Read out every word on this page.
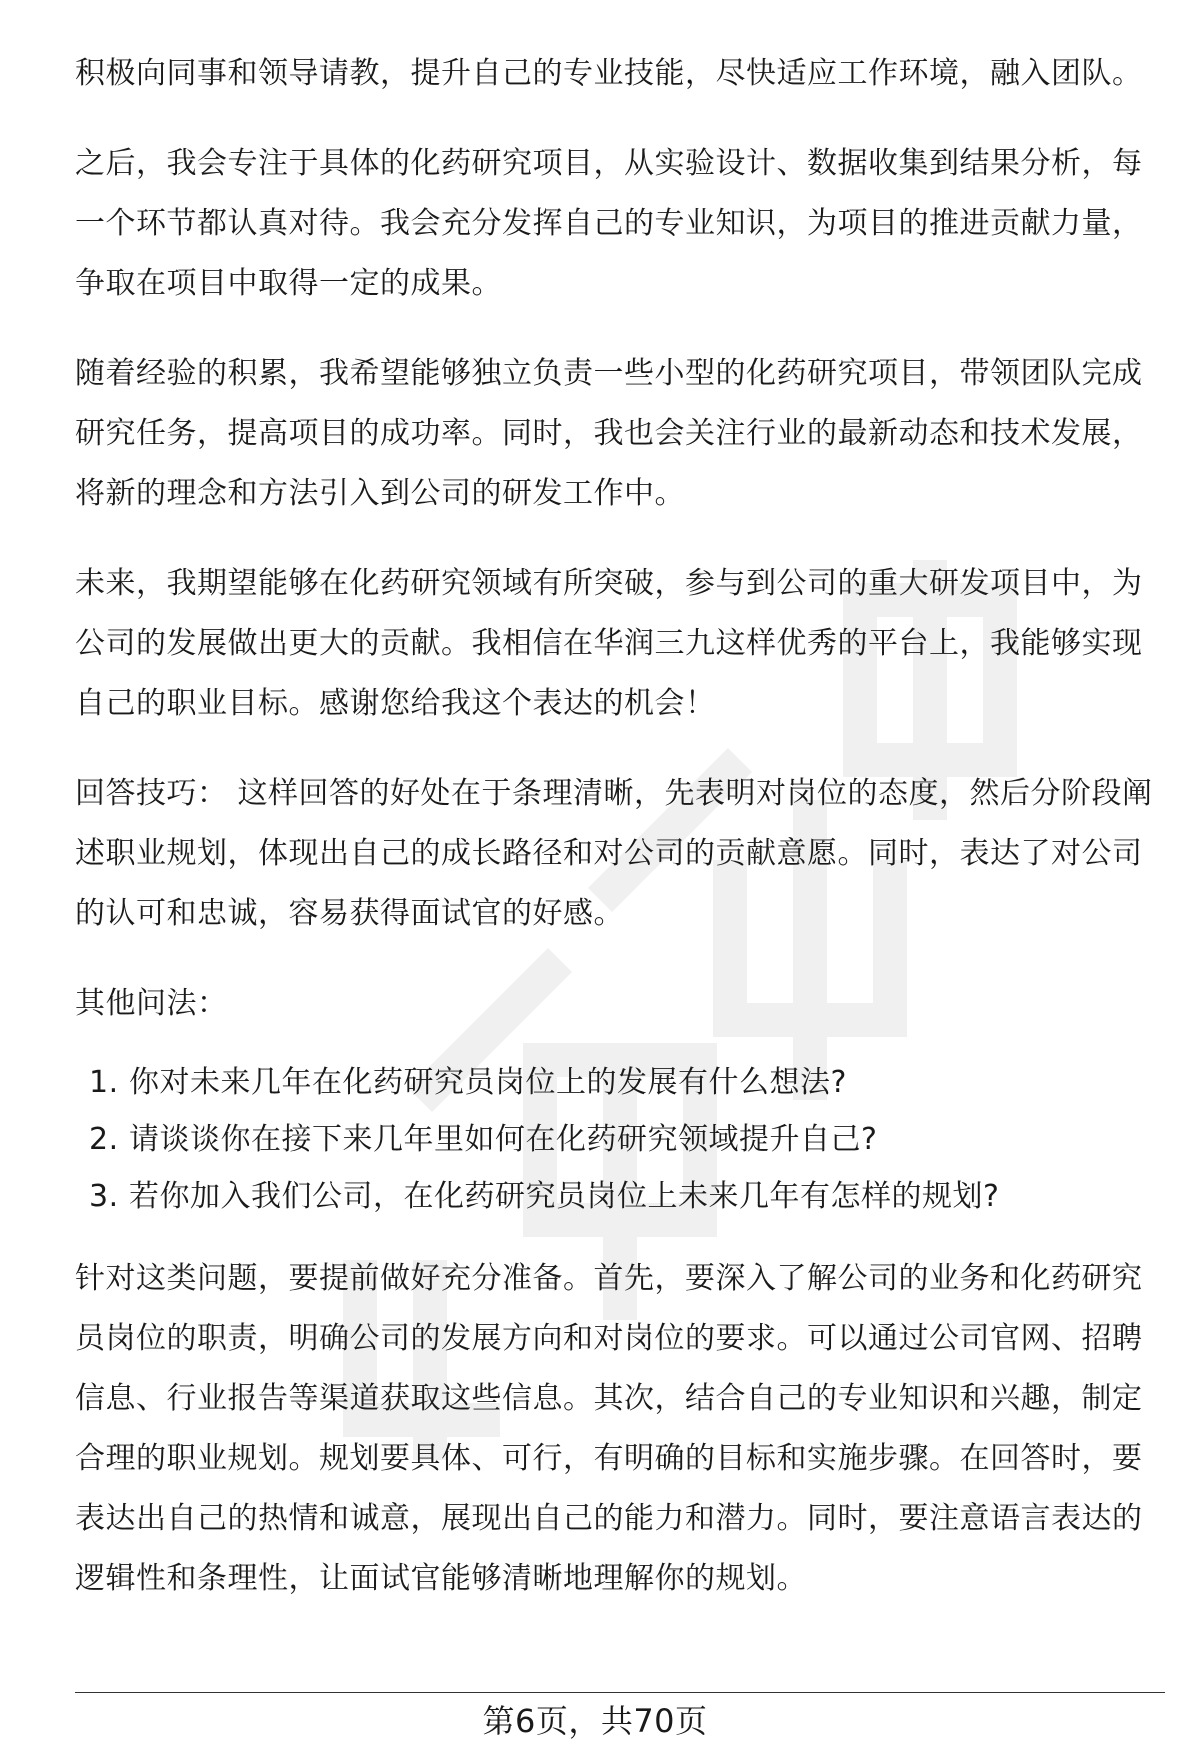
积极向同事和领导请教，提升自己的专业技能，尽快适应工作环境，融入团队。

之后，我会专注于具体的化药研究项目，从实验设计、数据收集到结果分析，每一个环节都认真对待。我会充分发挥自己的专业知识，为项目的推进贡献力量，争取在项目中取得一定的成果。

随着经验的积累，我希望能够独立负责一些小型的化药研究项目，带领团队完成研究任务，提高项目的成功率。同时，我也会关注行业的最新动态和技术发展，将新的理念和方法引入到公司的研发工作中。

未来，我期望能够在化药研究领域有所突破，参与到公司的重大研发项目中，为公司的发展做出更大的贡献。我相信在华润三九这样优秀的平台上，我能够实现自己的职业目标。感谢您给我这个表达的机会！

回答技巧： 这样回答的好处在于条理清晰，先表明对岗位的态度，然后分阶段阐述职业规划，体现出自己的成长路径和对公司的贡献意愿。同时，表达了对公司的认可和忠诚，容易获得面试官的好感。

其他问法：

1. 你对未来几年在化药研究员岗位上的发展有什么想法?
2. 请谈谈你在接下来几年里如何在化药研究领域提升自己?
3. 若你加入我们公司，在化药研究员岗位上未来几年有怎样的规划?

针对这类问题，要提前做好充分准备。首先，要深入了解公司的业务和化药研究员岗位的职责，明确公司的发展方向和对岗位的要求。可以通过公司官网、招聘信息、行业报告等渠道获取这些信息。其次，结合自己的专业知识和兴趣，制定合理的职业规划。规划要具体、可行，有明确的目标和实施步骤。在回答时，要表达出自己的热情和诚意，展现出自己的能力和潜力。同时，要注意语言表达的逻辑性和条理性，让面试官能够清晰地理解你的规划。

第6页，共70页
